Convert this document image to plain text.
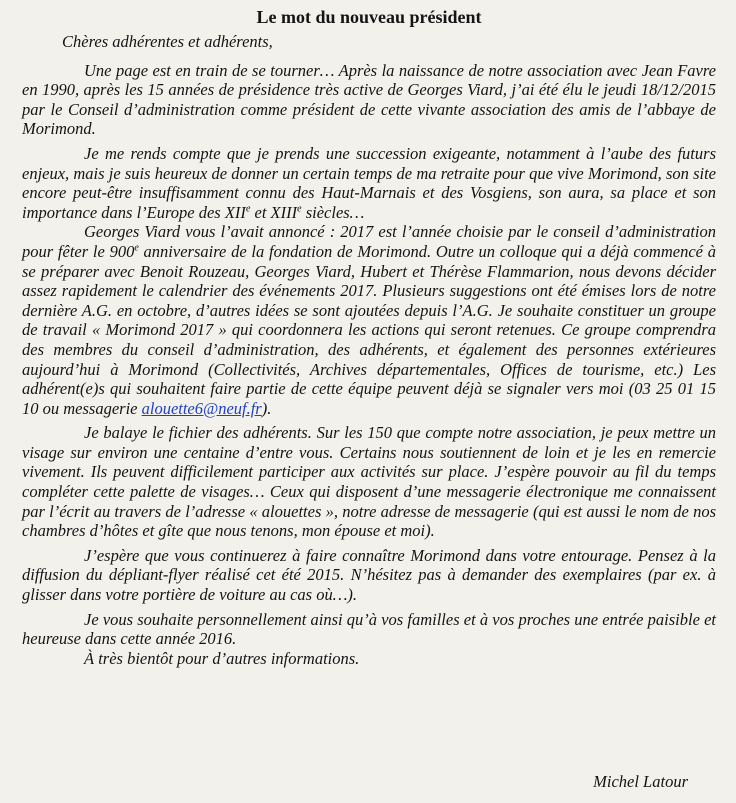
Le mot du nouveau président

Chères adhérentes et adhérents,

Une page est en train de se tourner… Après la naissance de notre association avec Jean Favre en 1990, après les 15 années de présidence très active de Georges Viard, j’ai été élu le jeudi 18/12/2015 par le Conseil d’administration comme président de cette vivante association des amis de l’abbaye de Morimond.

Je me rends compte que je prends une succession exigeante, notamment à l’aube des futurs enjeux, mais je suis heureux de donner un certain temps de ma retraite pour que vive Morimond, son site encore peut-être insuffisamment connu des Haut-Marnais et des Vosgiens, son aura, sa place et son importance dans l’Europe des XIIe et XIIIe siècles…

Georges Viard vous l’avait annoncé : 2017 est l’année choisie par le conseil d’administration pour fêter le 900e anniversaire de la fondation de Morimond. Outre un colloque qui a déjà commencé à se préparer avec Benoit Rouzeau, Georges Viard, Hubert et Thérèse Flammarion, nous devons décider assez rapidement le calendrier des événements 2017. Plusieurs suggestions ont été émises lors de notre dernière A.G. en octobre, d’autres idées se sont ajoutées depuis l’A.G. Je souhaite constituer un groupe de travail « Morimond 2017 » qui coordonnera les actions qui seront retenues. Ce groupe comprendra des membres du conseil d’administration, des adhérents, et également des personnes extérieures aujourd’hui à Morimond (Collectivités, Archives départementales, Offices de tourisme, etc.) Les adhérent(e)s qui souhaitent faire partie de cette équipe peuvent déjà se signaler vers moi (03 25 01 15 10 ou messagerie alouette6@neuf.fr).

Je balaye le fichier des adhérents. Sur les 150 que compte notre association, je peux mettre un visage sur environ une centaine d’entre vous. Certains nous soutiennent de loin et je les en remercie vivement. Ils peuvent difficilement participer aux activités sur place. J’espère pouvoir au fil du temps compléter cette palette de visages… Ceux qui disposent d’une messagerie électronique me connaissent par l’écrit au travers de l’adresse « alouettes », notre adresse de messagerie (qui est aussi le nom de nos chambres d’hôtes et gîte que nous tenons, mon épouse et moi).

J’espère que vous continuerez à faire connaître Morimond dans votre entourage. Pensez à la diffusion du dépliant-flyer réalisé cet été 2015. N’hésitez pas à demander des exemplaires (par ex. à glisser dans votre portière de voiture au cas où…).

Je vous souhaite personnellement ainsi qu’à vos familles et à vos proches une entrée paisible et heureuse dans cette année 2016.

À très bientôt pour d’autres informations.

Michel Latour
